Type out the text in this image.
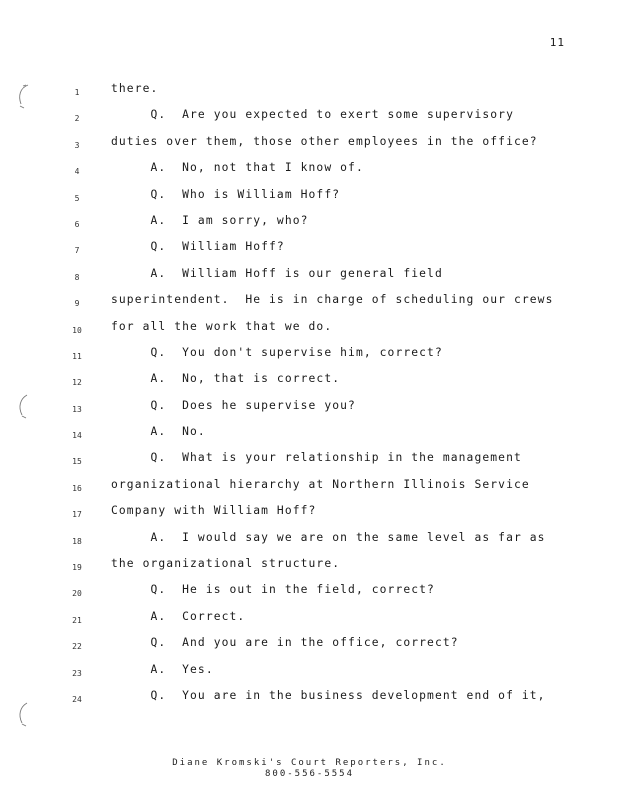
11
1	there.
2	Q.  Are you expected to exert some supervisory
3	duties over them, those other employees in the office?
4	A.  No, not that I know of.
5	Q.  Who is William Hoff?
6	A.  I am sorry, who?
7	Q.  William Hoff?
8	A.  William Hoff is our general field
9	superintendent.  He is in charge of scheduling our crews
10	for all the work that we do.
11	Q.  You don't supervise him, correct?
12	A.  No, that is correct.
13	Q.  Does he supervise you?
14	A.  No.
15	Q.  What is your relationship in the management
16	organizational hierarchy at Northern Illinois Service
17	Company with William Hoff?
18	A.  I would say we are on the same level as far as
19	the organizational structure.
20	Q.  He is out in the field, correct?
21	A.  Correct.
22	Q.  And you are in the office, correct?
23	A.  Yes.
24	Q.  You are in the business development end of it,
Diane Kromski's Court Reporters, Inc.
800-556-5554
